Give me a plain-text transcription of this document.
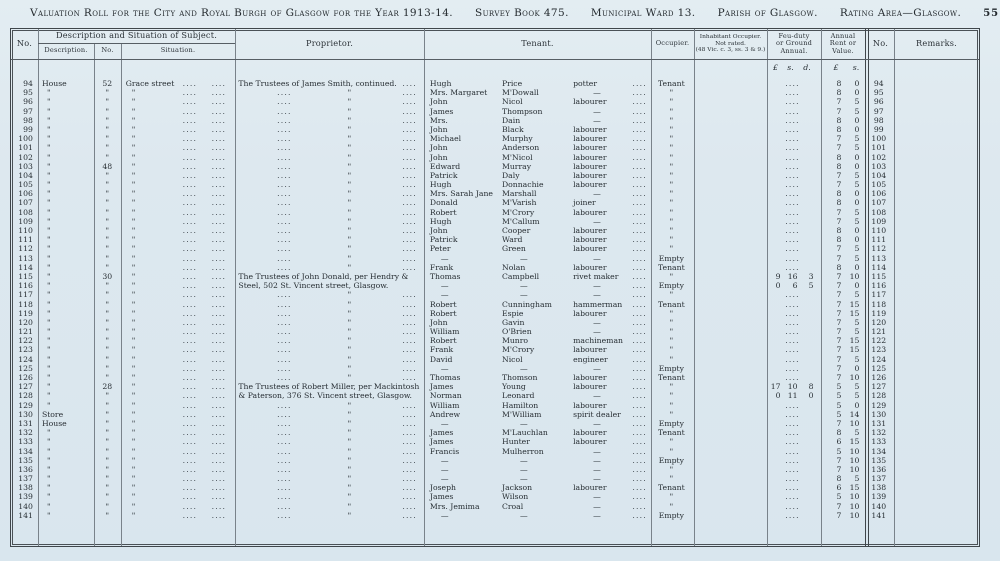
Valuation Roll for the City and Royal Burgh of Glasgow for the Year 1913-14. Survey Book 475. Municipal Ward 13. Parish of Glasgow. Rating Area—Glasgow. 55
No.
Description and Situation of Subject.
Description. No.	Situation.
Proprietor.	Tenant.	Occupier.
Inhabitant Occupier.
Not rated.
(48 Vic. c. 3, ss. 3 & 9.)
Feu-duty
or Ground
Annual.
Annual
Rent or
Value.
No.	Remarks.
£	s.	d.	£	s.
94	House	52	Grace street	....	....	The Trustees of James Smith, continued. ....	Hugh	Price	potter	....	Tenant	....	8	0	94
95	"	"	"	....	....	....	"	....	Mrs. Margaret	M'Dowall	—	....	"	....	8	0	95
96	"	"	"	....	....	....	"	....	John	Nicol	labourer	....	"	....	7	5	96
97	"	"	"	....	....	....	"	....	James	Thompson	—	....	"	....	7	5	97
98	"	"	"	....	....	....	"	....	Mrs.	Dain	—	....	"	....	8	0	98
99	"	"	"	....	....	....	"	....	John	Black	labourer	....	"	....	8	0	99
100	"	"	"	....	....	....	"	....	Michael	Murphy	labourer	....	"	....	7	5	100
101	"	"	"	....	....	....	"	....	John	Anderson	labourer	....	"	....	7	5	101
102	"	"	"	....	....	....	"	....	John	M'Nicol	labourer	....	"	....	8	0	102
103	"	48	"	....	....	....	"	....	Edward	Murray	labourer	....	"	....	8	0	103
104	"	"	"	....	....	....	"	....	Patrick	Daly	labourer	....	"	....	7	5	104
105	"	"	"	....	....	....	"	....	Hugh	Donnachie	labourer	....	"	....	7	5	105
106	"	"	"	....	....	....	"	....	Mrs. Sarah Jane	Marshall	—	....	"	....	8	0	106
107	"	"	"	....	....	....	"	....	Donald	M'Varish	joiner	....	"	....	8	0	107
108	"	"	"	....	....	....	"	....	Robert	M'Crory	labourer	....	"	....	7	5	108
109	"	"	"	....	....	....	"	....	Hugh	M'Callum	—	....	"	....	7	5	109
110	"	"	"	....	....	....	"	....	John	Cooper	labourer	....	"	....	8	0	110
111	"	"	"	....	....	....	"	....	Patrick	Ward	labourer	....	"	....	8	0	111
112	"	"	"	....	....	....	"	....	Peter	Green	labourer	....	"	....	7	5	112
113	"	"	"	....	....	....	"	....	—	—	—	....	Empty	....	7	5	113
114	"	"	"	....	....	....	"	....	Frank	Nolan	labourer	....	Tenant	....	8	0	114
115	"	30	"	....	....	The Trustees of John Donald, per Hendry &	Thomas	Campbell	rivet maker	....	"	9 16	3	7	10	115
116	"	"	"	....	....	Steel, 502 St. Vincent street, Glasgow.	—	—	—	....	Empty	0	6	5	7	0	116
117	"	"	"	....	....	....	"	....	—	—	—	....	"	....	7	5	117
118	"	"	"	....	....	....	"	....	Robert	Cunningham	hammerman	....	Tenant	....	7	15	118
119	"	"	"	....	....	....	"	....	Robert	Espie	labourer	....	"	....	7	15	119
120	"	"	"	....	....	....	"	....	John	Gavin	—	....	"	....	7	5	120
121	"	"	"	....	....	....	"	....	William	O'Brien	—	....	"	....	7	5	121
122	"	"	"	....	....	....	"	....	Robert	Munro	machineman	....	"	....	7	15	122
123	"	"	"	....	....	....	"	....	Frank	M'Crory	labourer	....	"	....	7	15	123
124	"	"	"	....	....	....	"	....	David	Nicol	engineer	....	"	....	7	5	124
125	"	"	"	....	....	....	"	....	—	—	—	....	Empty	....	7	0	125
126	"	"	"	....	....	....	"	....	Thomas	Thomson	labourer	....	Tenant	....	7	10	126
127	"	28	"	....	....	The Trustees of Robert Miller, per Mackintosh	James	Young	labourer	....	"	17 10	8	5	5	127
128	"	"	"	....	....	& Paterson, 376 St. Vincent street, Glasgow.	Norman	Leonard	—	....	"	0 11	0	5	5	128
129	"	"	"	....	....	....	"	....	William	Hamilton	labourer	....	"	....	5	0	129
130	Store	"	"	....	....	....	"	....	Andrew	M'William	spirit dealer	....	"	....	5	14	130
131	House	"	"	....	....	....	"	....	—	—	—	....	Empty	....	7	10	131
132	"	"	"	....	....	....	"	....	James	M'Lauchlan	labourer	....	Tenant	....	8	5	132
133	"	"	"	....	....	....	"	....	James	Hunter	labourer	....	"	....	6	15	133
134	"	"	"	....	....	....	"	....	Francis	Mulherron	—	....	"	....	5	10	134
135	"	"	"	....	....	....	"	....	—	—	—	....	Empty	....	7	10	135
136	"	"	"	....	....	....	"	....	—	—	—	....	"	....	7	10	136
137	"	"	"	....	....	....	"	....	—	—	—	....	"	....	8	5	137
138	"	"	"	....	....	....	"	....	Joseph	Jackson	labourer	....	Tenant	....	6	15	138
139	"	"	"	....	....	....	"	....	James	Wilson	—	....	"	....	5	10	139
140	"	"	"	....	....	....	"	....	Mrs. Jemima	Croal	—	....	"	....	7	10	140
141	"	"	"	....	....	....	"	....	—	—	—	....	Empty	....	7	10	141
